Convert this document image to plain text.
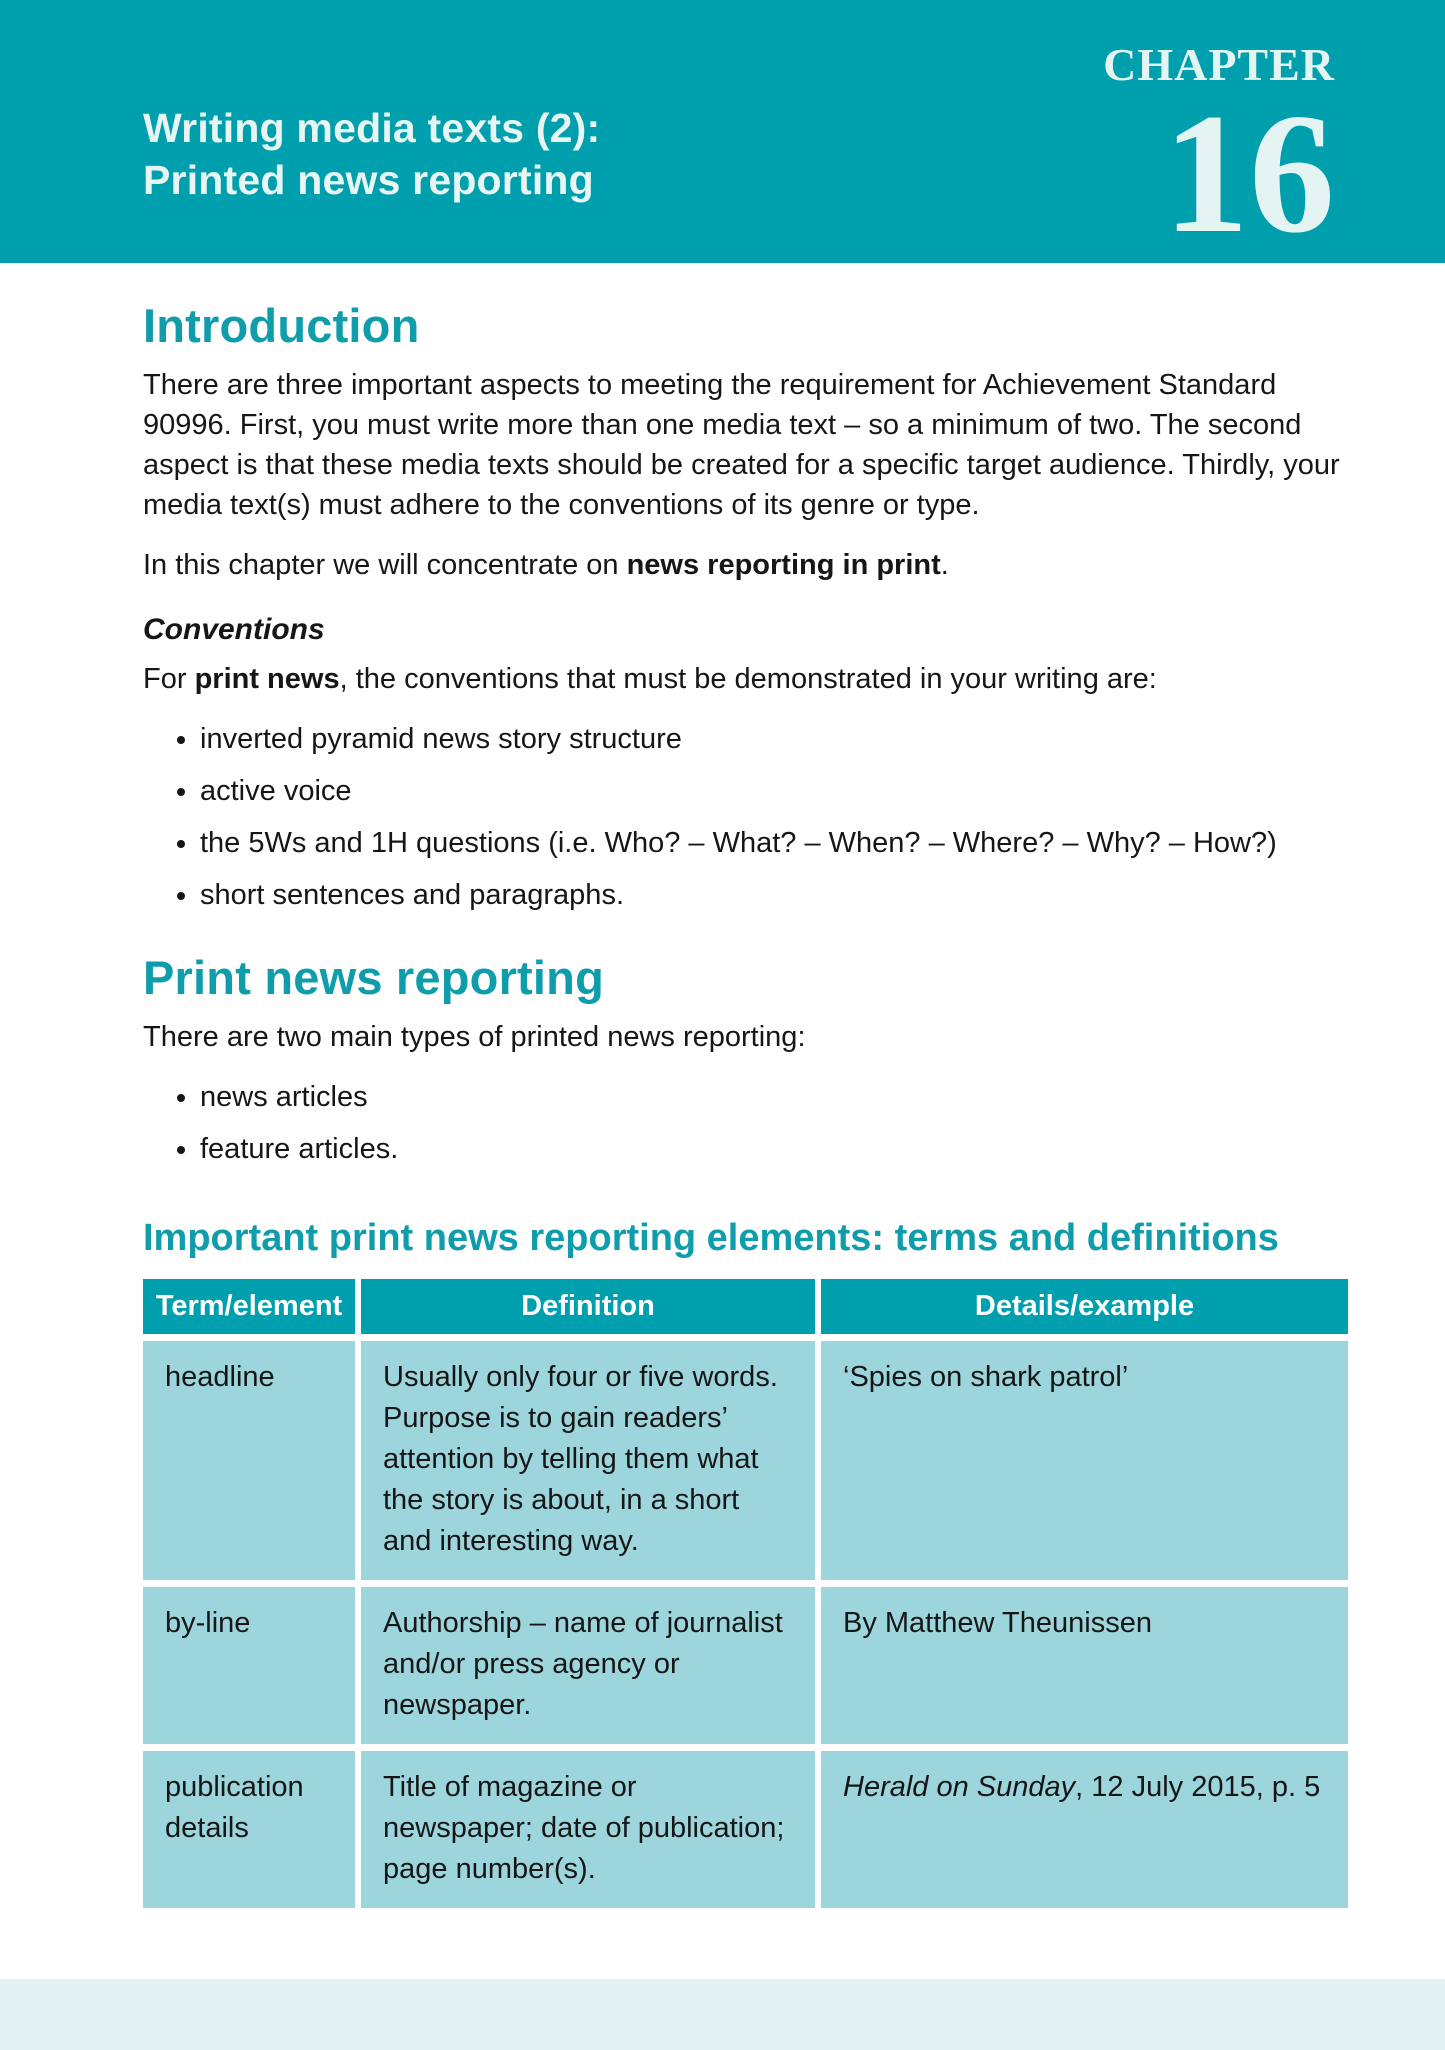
Writing media texts (2):
Printed news reporting
CHAPTER
16
Introduction

There are three important aspects to meeting the requirement for Achievement Standard 90996. First, you must write more than one media text – so a minimum of two. The second aspect is that these media texts should be created for a specific target audience. Thirdly, your media text(s) must adhere to the conventions of its genre or type.

In this chapter we will concentrate on news reporting in print.

Conventions

For print news, the conventions that must be demonstrated in your writing are:

• inverted pyramid news story structure
• active voice
• the 5Ws and 1H questions (i.e. Who? – What? – When? – Where? – Why? – How?)
• short sentences and paragraphs.
Print news reporting

There are two main types of printed news reporting:

• news articles
• feature articles.
Important print news reporting elements: terms and definitions
Term/element	Definition	Details/example
headline	Usually only four or five words. Purpose is to gain readers’ attention by telling them what the story is about, in a short and interesting way.	‘Spies on shark patrol’
by-line	Authorship – name of journalist and/or press agency or newspaper.	By Matthew Theunissen
publication details	Title of magazine or newspaper; date of publication; page number(s).	Herald on Sunday, 12 July 2015, p. 5
